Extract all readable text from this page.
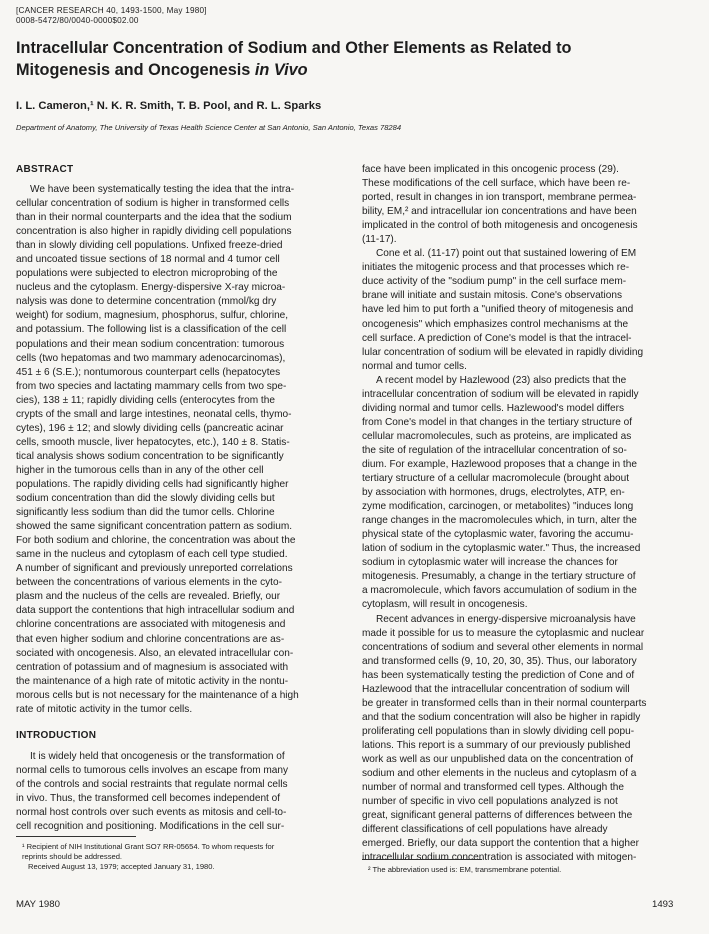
[CANCER RESEARCH 40, 1493-1500, May 1980]
0008-5472/80/0040-0000$02.00
Intracellular Concentration of Sodium and Other Elements as Related to
Mitogenesis and Oncogenesis in Vivo
I. L. Cameron,¹ N. K. R. Smith, T. B. Pool, and R. L. Sparks
Department of Anatomy, The University of Texas Health Science Center at San Antonio, San Antonio, Texas 78284
ABSTRACT
We have been systematically testing the idea that the intra-
cellular concentration of sodium is higher in transformed cells
than in their normal counterparts and the idea that the sodium
concentration is also higher in rapidly dividing cell populations
than in slowly dividing cell populations. Unfixed freeze-dried
and uncoated tissue sections of 18 normal and 4 tumor cell
populations were subjected to electron microprobing of the
nucleus and the cytoplasm. Energy-dispersive X-ray microa-
nalysis was done to determine concentration (mmol/kg dry
weight) for sodium, magnesium, phosphorus, sulfur, chlorine,
and potassium. The following list is a classification of the cell
populations and their mean sodium concentration: tumorous
cells (two hepatomas and two mammary adenocarcinomas),
451 ± 6 (S.E.); nontumorous counterpart cells (hepatocytes
from two species and lactating mammary cells from two spe-
cies), 138 ± 11; rapidly dividing cells (enterocytes from the
crypts of the small and large intestines, neonatal cells, thymo-
cytes), 196 ± 12; and slowly dividing cells (pancreatic acinar
cells, smooth muscle, liver hepatocytes, etc.), 140 ± 8. Statis-
tical analysis shows sodium concentration to be significantly
higher in the tumorous cells than in any of the other cell
populations. The rapidly dividing cells had significantly higher
sodium concentration than did the slowly dividing cells but
significantly less sodium than did the tumor cells. Chlorine
showed the same significant concentration pattern as sodium.
For both sodium and chlorine, the concentration was about the
same in the nucleus and cytoplasm of each cell type studied.
A number of significant and previously unreported correlations
between the concentrations of various elements in the cyto-
plasm and the nucleus of the cells are revealed. Briefly, our
data support the contentions that high intracellular sodium and
chlorine concentrations are associated with mitogenesis and
that even higher sodium and chlorine concentrations are as-
sociated with oncogenesis. Also, an elevated intracellular con-
centration of potassium and of magnesium is associated with
the maintenance of a high rate of mitotic activity in the nontu-
morous cells but is not necessary for the maintenance of a high
rate of mitotic activity in the tumor cells.
INTRODUCTION
It is widely held that oncogenesis or the transformation of
normal cells to tumorous cells involves an escape from many
of the controls and social restraints that regulate normal cells
in vivo. Thus, the transformed cell becomes independent of
normal host controls over such events as mitosis and cell-to-
cell recognition and positioning. Modifications in the cell sur-
¹ Recipient of NIH Institutional Grant SO7 RR-05654. To whom requests for
reprints should be addressed.
Received August 13, 1979; accepted January 31, 1980.
face have been implicated in this oncogenic process (29).
These modifications of the cell surface, which have been re-
ported, result in changes in ion transport, membrane permea-
bility, EM,² and intracellular ion concentrations and have been
implicated in the control of both mitogenesis and oncogenesis
(11-17).
Cone et al. (11-17) point out that sustained lowering of EM
initiates the mitogenic process and that processes which re-
duce activity of the "sodium pump" in the cell surface mem-
brane will initiate and sustain mitosis. Cone's observations
have led him to put forth a "unified theory of mitogenesis and
oncogenesis" which emphasizes control mechanisms at the
cell surface. A prediction of Cone's model is that the intracel-
lular concentration of sodium will be elevated in rapidly dividing
normal and tumor cells.
A recent model by Hazlewood (23) also predicts that the
intracellular concentration of sodium will be elevated in rapidly
dividing normal and tumor cells. Hazlewood's model differs
from Cone's model in that changes in the tertiary structure of
cellular macromolecules, such as proteins, are implicated as
the site of regulation of the intracellular concentration of so-
dium. For example, Hazlewood proposes that a change in the
tertiary structure of a cellular macromolecule (brought about
by association with hormones, drugs, electrolytes, ATP, en-
zyme modification, carcinogen, or metabolites) "induces long
range changes in the macromolecules which, in turn, alter the
physical state of the cytoplasmic water, favoring the accumu-
lation of sodium in the cytoplasmic water." Thus, the increased
sodium in cytoplasmic water will increase the chances for
mitogenesis. Presumably, a change in the tertiary structure of
a macromolecule, which favors accumulation of sodium in the
cytoplasm, will result in oncogenesis.
Recent advances in energy-dispersive microanalysis have
made it possible for us to measure the cytoplasmic and nuclear
concentrations of sodium and several other elements in normal
and transformed cells (9, 10, 20, 30, 35). Thus, our laboratory
has been systematically testing the prediction of Cone and of
Hazlewood that the intracellular concentration of sodium will
be greater in transformed cells than in their normal counterparts
and that the sodium concentration will also be higher in rapidly
proliferating cell populations than in slowly dividing cell popu-
lations. This report is a summary of our previously published
work as well as our unpublished data on the concentration of
sodium and other elements in the nucleus and cytoplasm of a
number of normal and transformed cell types. Although the
number of specific in vivo cell populations analyzed is not
great, significant general patterns of differences between the
different classifications of cell populations have already
emerged. Briefly, our data support the contention that a higher
intracellular sodium concentration is associated with mitogen-
² The abbreviation used is: EM, transmembrane potential.
MAY 1980	1493
